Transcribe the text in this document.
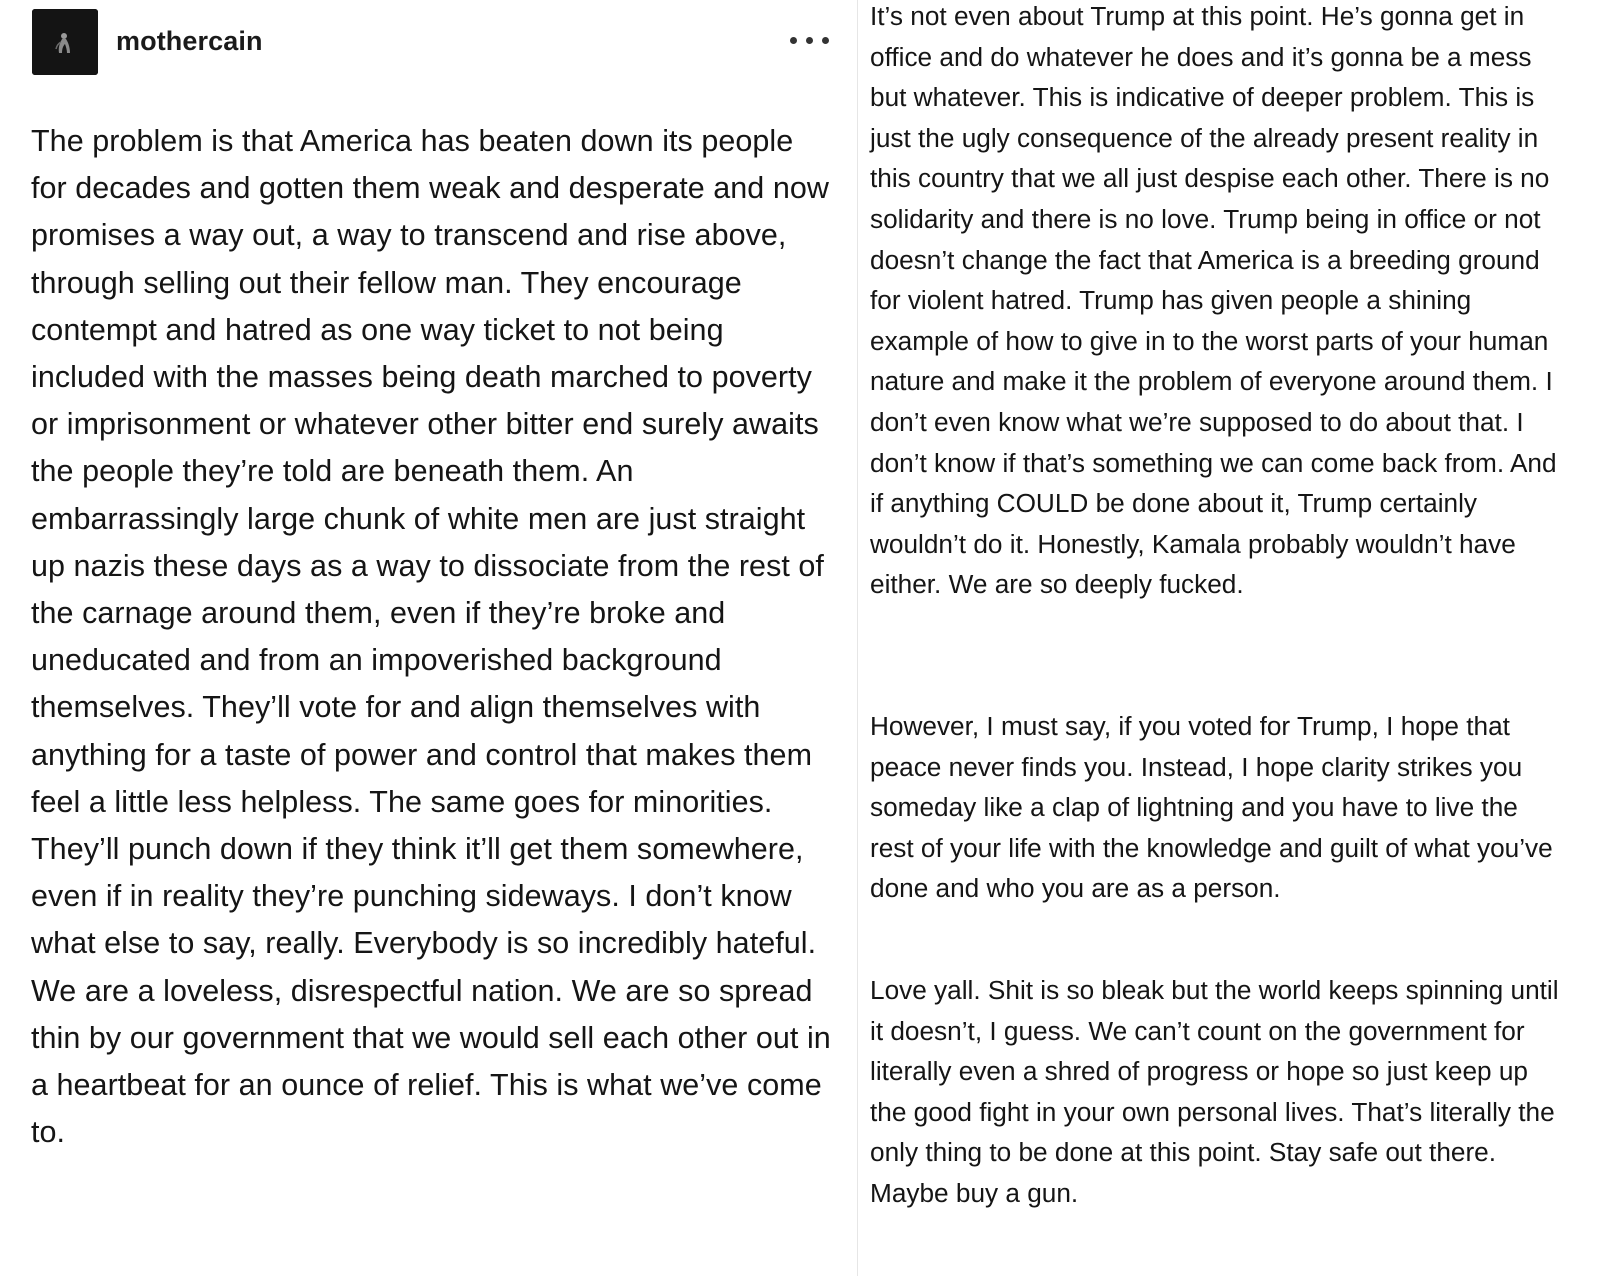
mothercain

The problem is that America has beaten down its people for decades and gotten them weak and desperate and now promises a way out, a way to transcend and rise above, through selling out their fellow man. They encourage contempt and hatred as one way ticket to not being included with the masses being death marched to poverty or imprisonment or whatever other bitter end surely awaits the people they’re told are beneath them. An embarrassingly large chunk of white men are just straight up nazis these days as a way to dissociate from the rest of the carnage around them, even if they’re broke and uneducated and from an impoverished background themselves. They’ll vote for and align themselves with anything for a taste of power and control that makes them feel a little less helpless. The same goes for minorities. They’ll punch down if they think it’ll get them somewhere, even if in reality they’re punching sideways. I don’t know what else to say, really. Everybody is so incredibly hateful. We are a loveless, disrespectful nation. We are so spread thin by our government that we would sell each other out in a heartbeat for an ounce of relief. This is what we’ve come to.

It’s not even about Trump at this point. He’s gonna get in office and do whatever he does and it’s gonna be a mess but whatever. This is indicative of deeper problem. This is just the ugly consequence of the already present reality in this country that we all just despise each other. There is no solidarity and there is no love. Trump being in office or not doesn’t change the fact that America is a breeding ground for violent hatred. Trump has given people a shining example of how to give in to the worst parts of your human nature and make it the problem of everyone around them. I don’t even know what we’re supposed to do about that. I don’t know if that’s something we can come back from. And if anything COULD be done about it, Trump certainly wouldn’t do it. Honestly, Kamala probably wouldn’t have either. We are so deeply fucked.

However, I must say, if you voted for Trump, I hope that peace never finds you. Instead, I hope clarity strikes you someday like a clap of lightning and you have to live the rest of your life with the knowledge and guilt of what you’ve done and who you are as a person.

Love yall. Shit is so bleak but the world keeps spinning until it doesn’t, I guess. We can’t count on the government for literally even a shred of progress or hope so just keep up the good fight in your own personal lives. That’s literally the only thing to be done at this point. Stay safe out there. Maybe buy a gun.
